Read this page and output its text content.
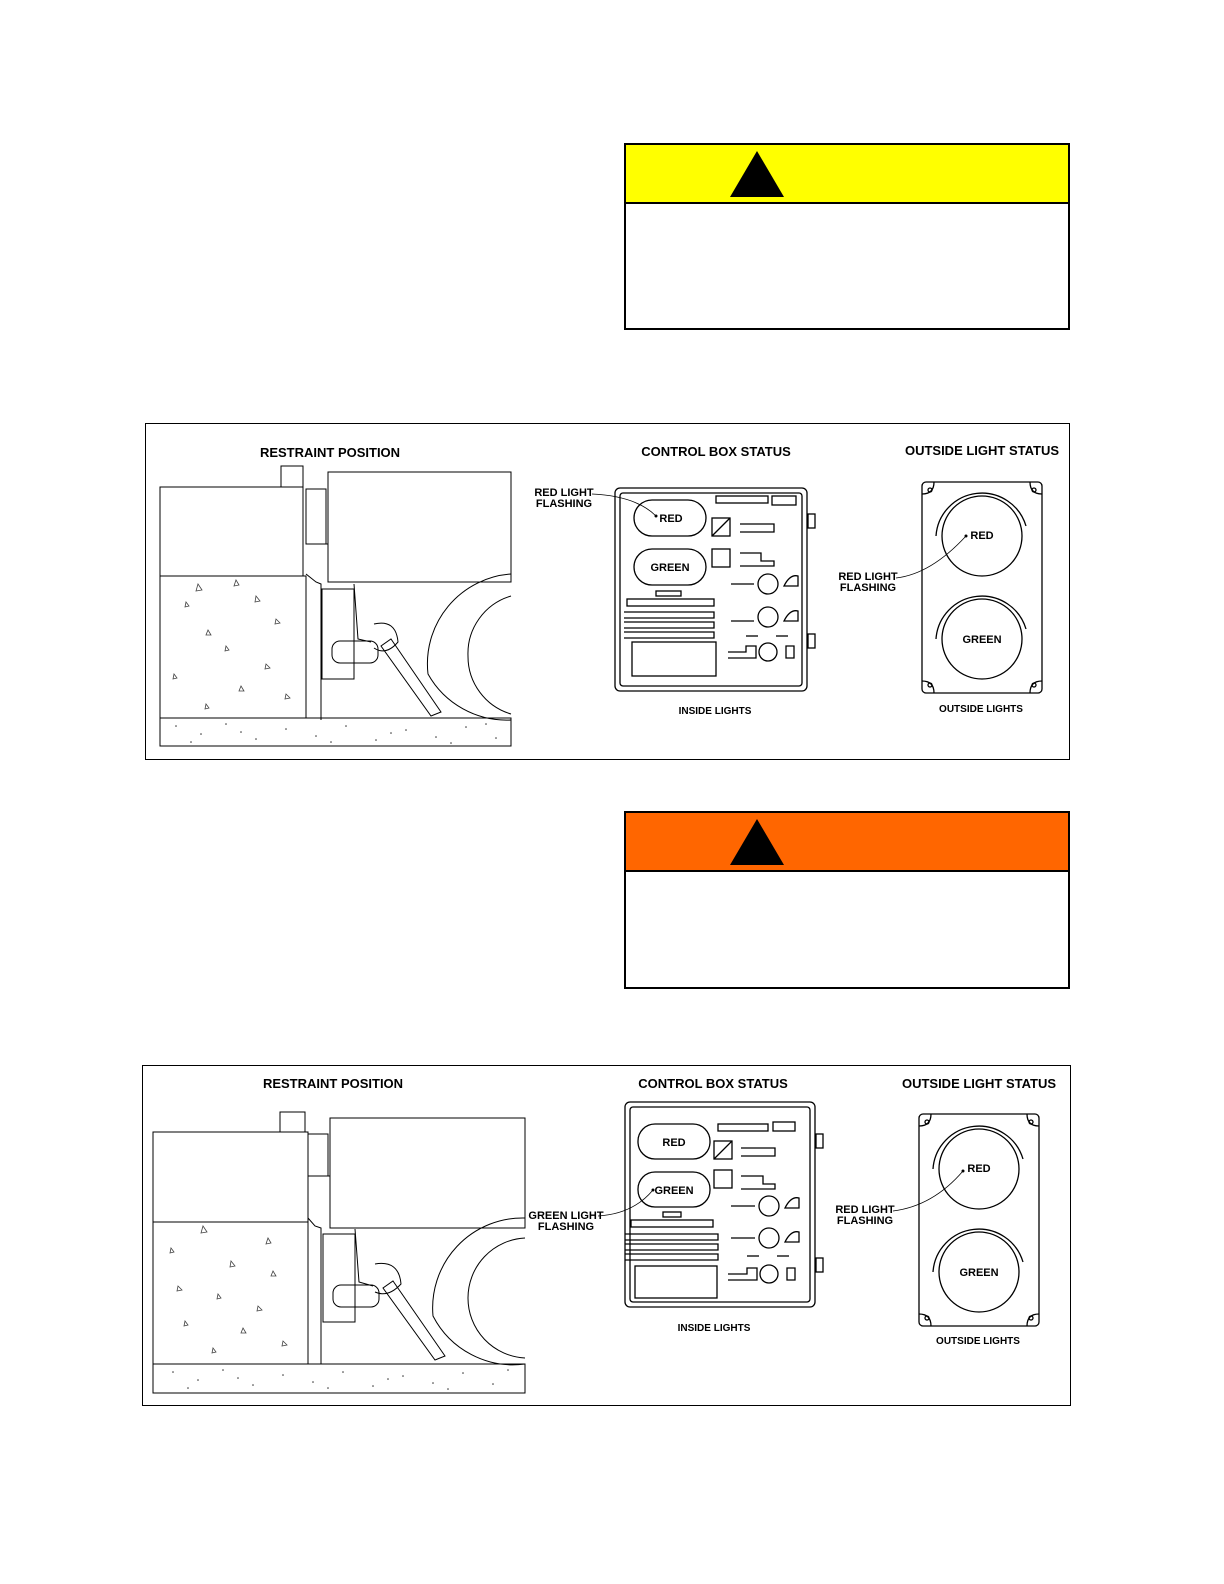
RESTRAINT POSITION	CONTROL BOX STATUS	OUTSIDE LIGHT STATUS
RED
GREEN
RED LIGHT
FLASHING
INSIDE LIGHTS
RED
GREEN
RED LIGHT
FLASHING
OUTSIDE LIGHTS
RESTRAINT POSITION	CONTROL BOX STATUS	OUTSIDE LIGHT STATUS
RED
GREEN
GREEN LIGHT
FLASHING
INSIDE LIGHTS
RED
GREEN
RED LIGHT
FLASHING
OUTSIDE LIGHTS
